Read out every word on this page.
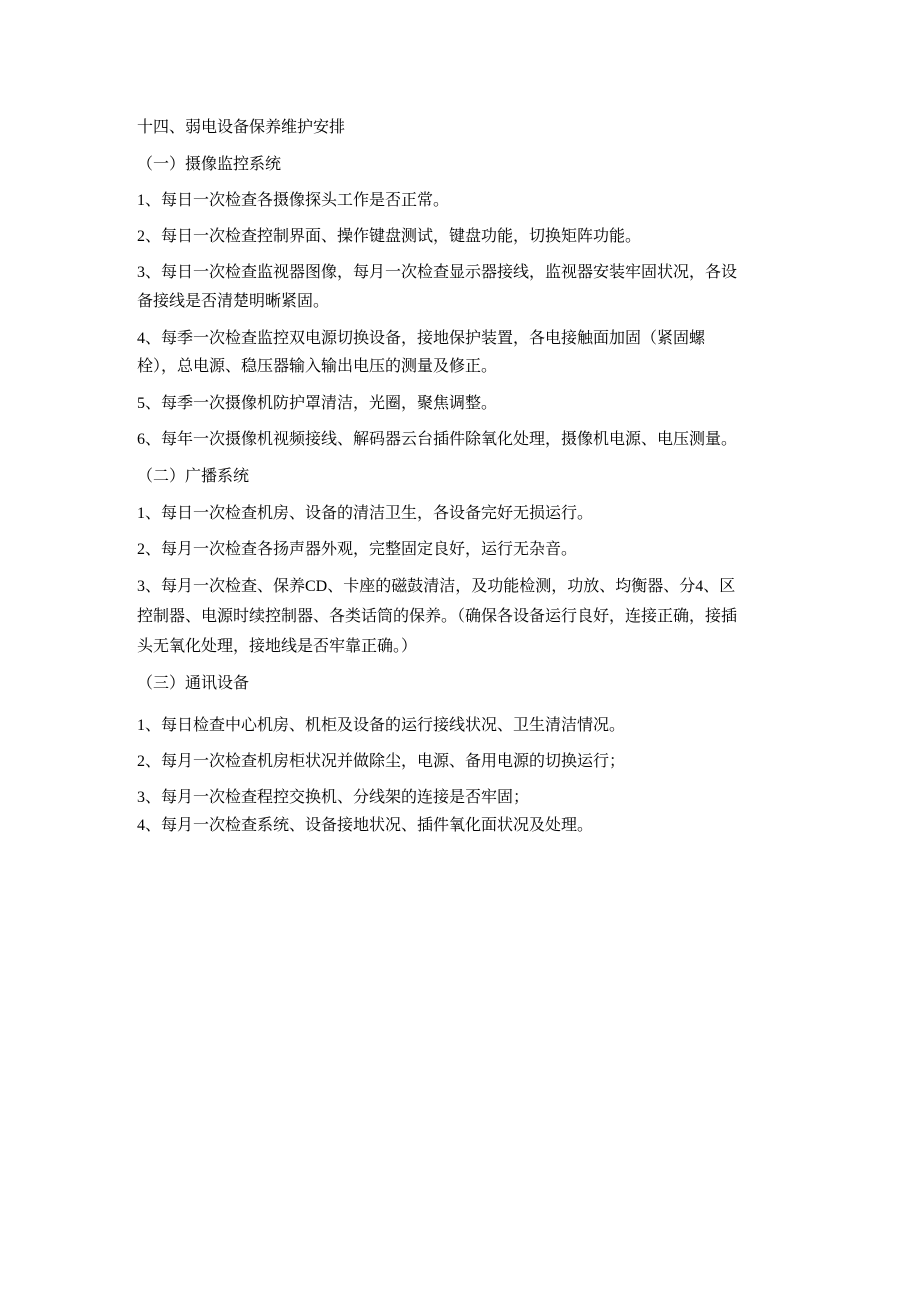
十四、弱电设备保养维护安排
（一）摄像监控系统
1、每日一次检查各摄像探头工作是否正常。
2、每日一次检查控制界面、操作键盘测试，键盘功能，切换矩阵功能。
3、每日一次检查监视器图像，每月一次检查显示器接线，监视器安装牢固状况，各设
备接线是否清楚明晰紧固。
4、每季一次检查监控双电源切换设备，接地保护装置，各电接触面加固（紧固螺
栓），总电源、稳压器输入输出电压的测量及修正。
5、每季一次摄像机防护罩清洁，光圈，聚焦调整。
6、每年一次摄像机视频接线、解码器云台插件除氧化处理，摄像机电源、电压测量。
（二）广播系统
1、每日一次检查机房、设备的清洁卫生，各设备完好无损运行。
2、每月一次检查各扬声器外观，完整固定良好，运行无杂音。
3、每月一次检查、保养CD、卡座的磁鼓清洁，及功能检测，功放、均衡器、分4、区
控制器、电源时续控制器、各类话筒的保养。（确保各设备运行良好，连接正确，接插
头无氧化处理，接地线是否牢靠正确。）
（三）通讯设备
1、每日检查中心机房、机柜及设备的运行接线状况、卫生清洁情况。
2、每月一次检查机房柜状况并做除尘，电源、备用电源的切换运行；
3、每月一次检查程控交换机、分线架的连接是否牢固；
4、每月一次检查系统、设备接地状况、插件氧化面状况及处理。
